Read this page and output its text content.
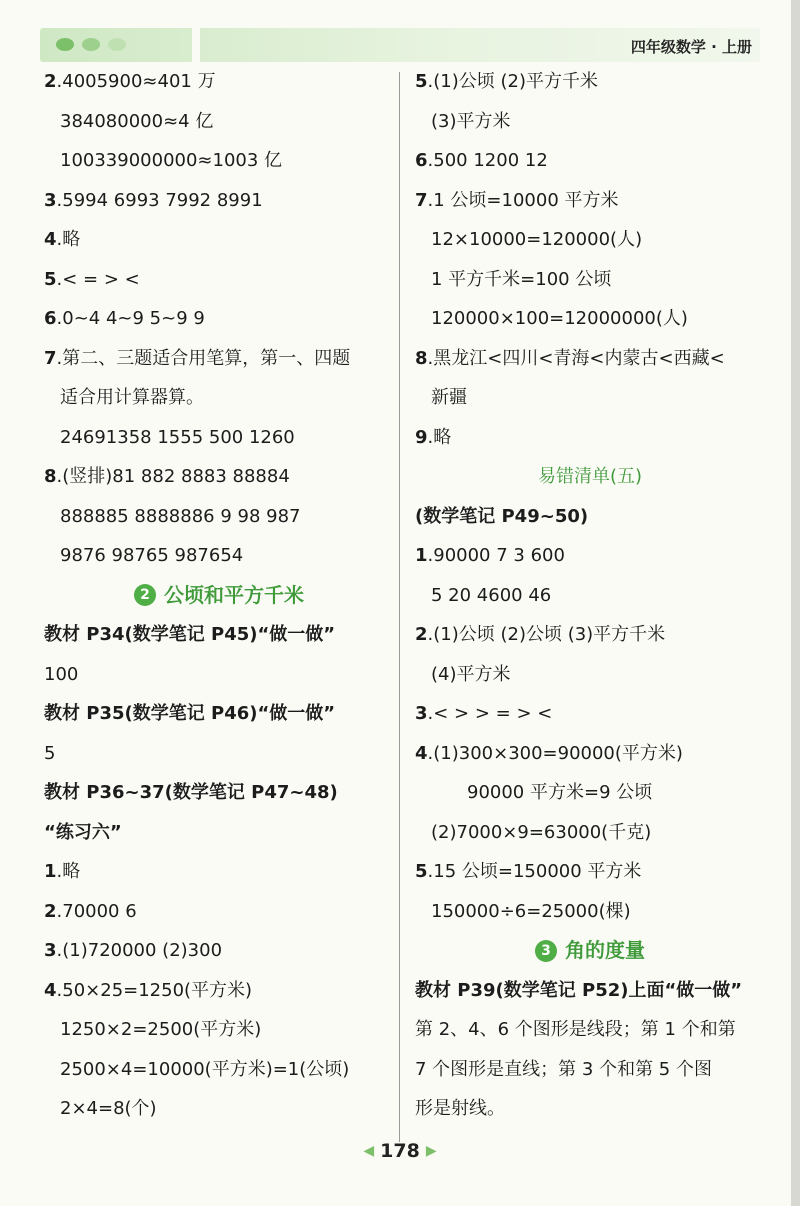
四年级数学 · 上册
2.4005900≈401 万
384080000≈4 亿
100339000000≈1003 亿
3.5994 6993 7992 8991
4.略
5.< = > <
6.0~4 4~9 5~9 9
7.第二、三题适合用笔算，第一、四题
适合用计算器算。
24691358 1555 500 1260
8.(竖排)81 882 8883 88884
888885 8888886 9 98 987
9876 98765 987654
2 公顷和平方千米
教材 P34(数学笔记 P45)“做一做”
100
教材 P35(数学笔记 P46)“做一做”
5
教材 P36~37(数学笔记 P47~48)
“练习六”
1.略
2.70000 6
3.(1)720000 (2)300
4.50×25=1250(平方米)
1250×2=2500(平方米)
2500×4=10000(平方米)=1(公顷)
2×4=8(个)
5.(1)公顷 (2)平方千米
(3)平方米
6.500 1200 12
7.1 公顷=10000 平方米
12×10000=120000(人)
1 平方千米=100 公顷
120000×100=12000000(人)
8.黑龙江<四川<青海<内蒙古<西藏<
新疆
9.略
易错清单(五)
(数学笔记 P49~50)
1.90000 7 3 600
5 20 4600 46
2.(1)公顷 (2)公顷 (3)平方千米
(4)平方米
3.< > > = > <
4.(1)300×300=90000(平方米)
90000 平方米=9 公顷
(2)7000×9=63000(千克)
5.15 公顷=150000 平方米
150000÷6=25000(棵)
3 角的度量
教材 P39(数学笔记 P52)上面“做一做”
第 2、4、6 个图形是线段；第 1 个和第
7 个图形是直线；第 3 个和第 5 个图
形是射线。
◀ 178 ▶
